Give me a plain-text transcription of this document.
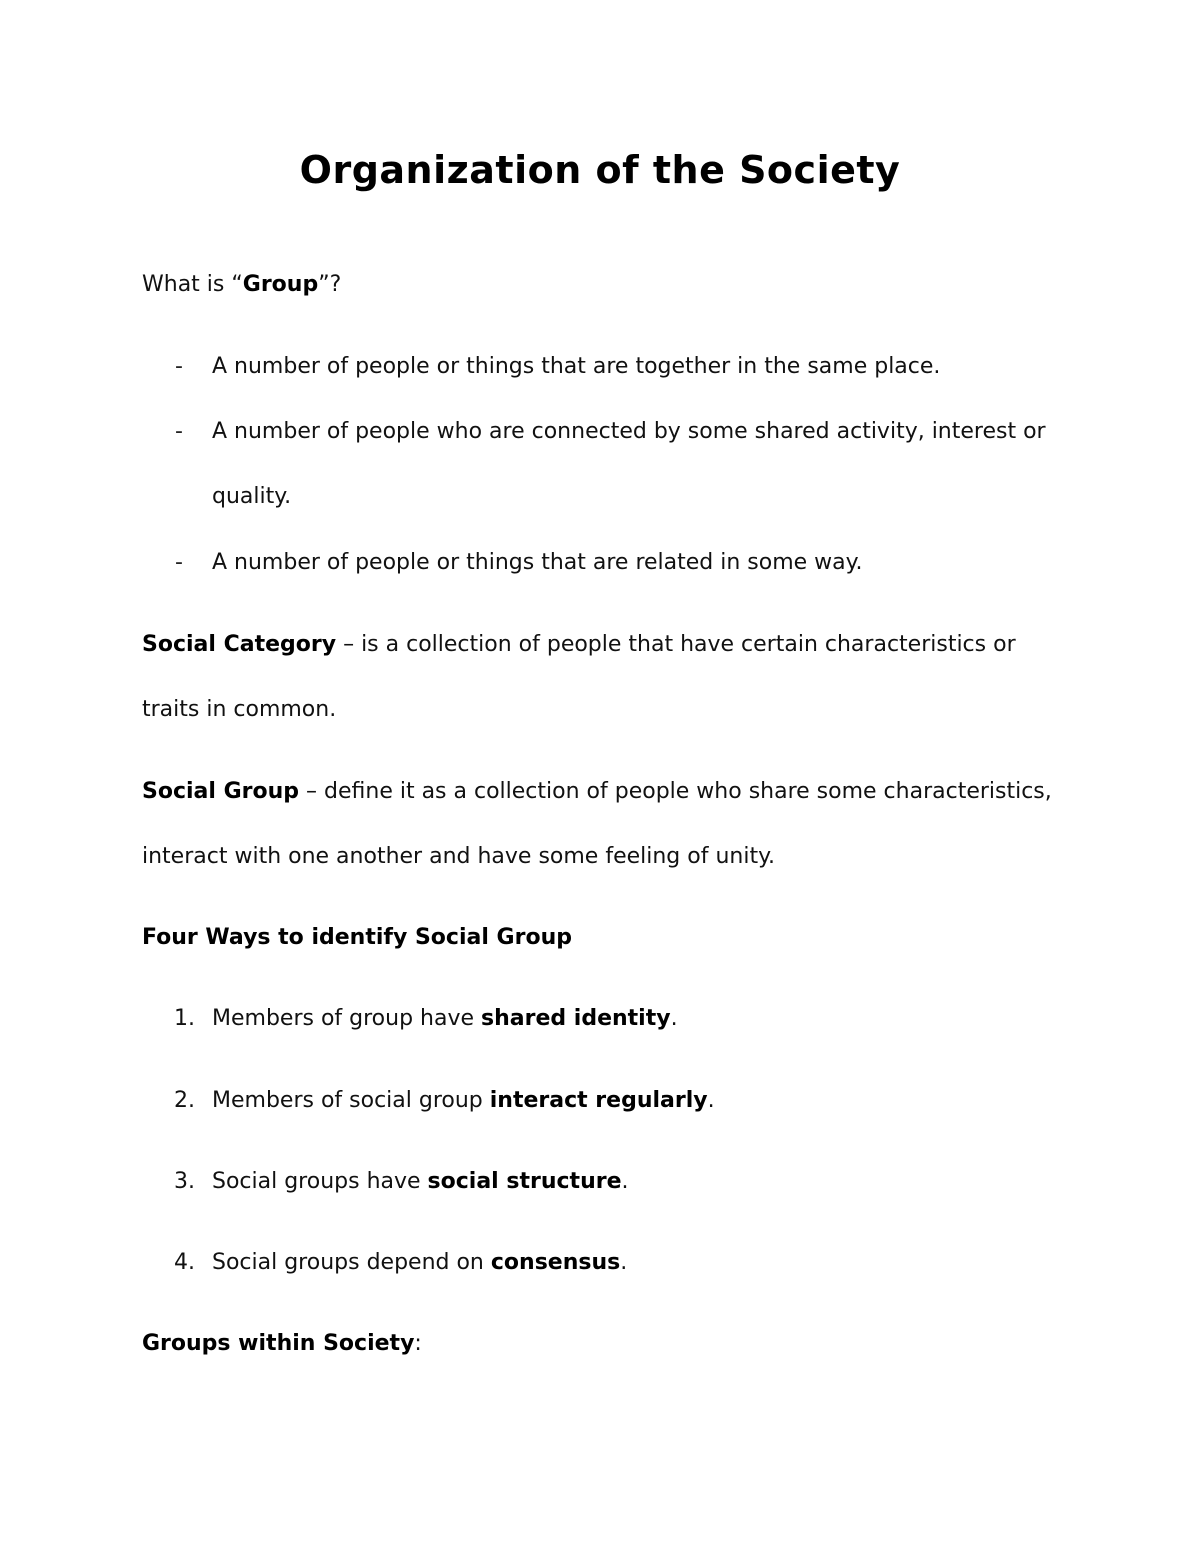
Organization of the Society
What is “Group”?
- A number of people or things that are together in the same place.
- A number of people who are connected by some shared activity, interest or
quality.
- A number of people or things that are related in some way.
Social Category – is a collection of people that have certain characteristics or
traits in common.
Social Group – define it as a collection of people who share some characteristics,
interact with one another and have some feeling of unity.
Four Ways to identify Social Group
1. Members of group have shared identity.
2. Members of social group interact regularly.
3. Social groups have social structure.
4. Social groups depend on consensus.
Groups within Society:
